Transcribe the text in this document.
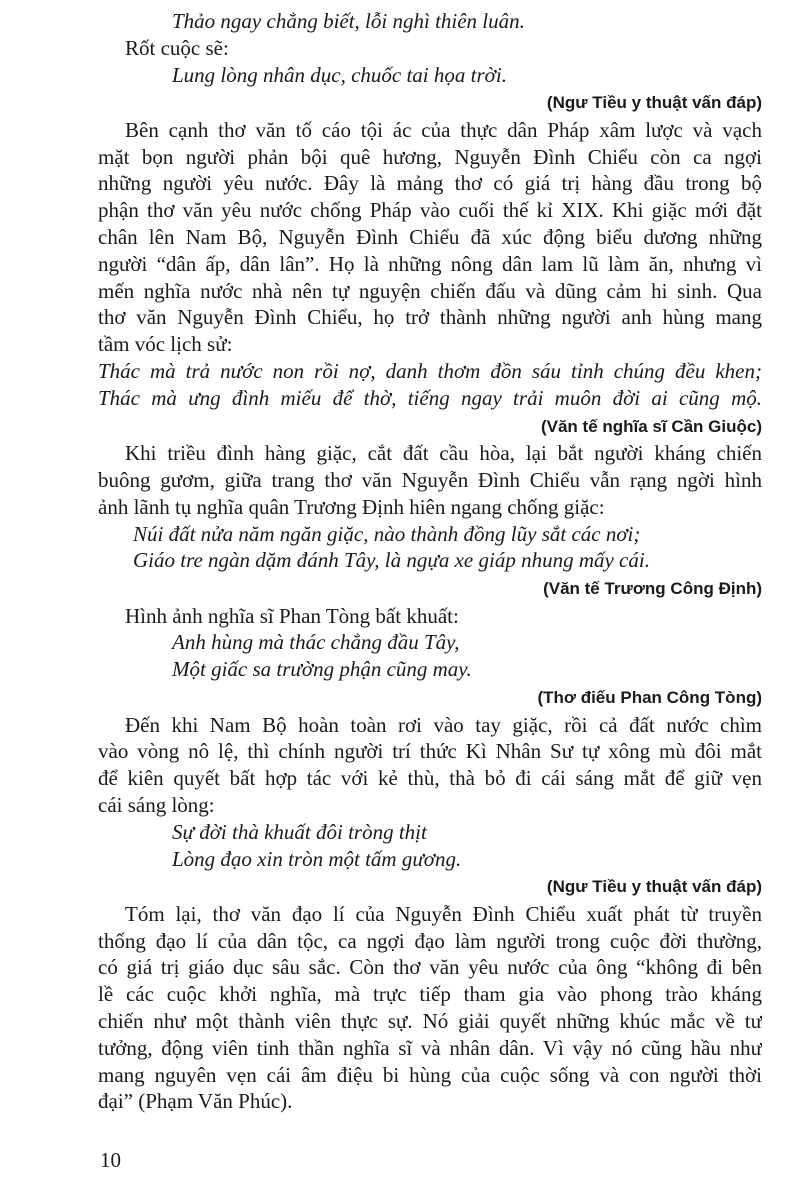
Thảo ngay chẳng biết, lỗi nghì thiên luân.
Rốt cuộc sẽ:
Lung lòng nhân dục, chuốc tai họa trời.
(Ngư Tiều y thuật vấn đáp)
Bên cạnh thơ văn tố cáo tội ác của thực dân Pháp xâm lược và vạch
mặt bọn người phản bội quê hương, Nguyễn Đình Chiểu còn ca ngợi
những người yêu nước. Đây là mảng thơ có giá trị hàng đầu trong bộ
phận thơ văn yêu nước chống Pháp vào cuối thế kỉ XIX. Khi giặc mới đặt
chân lên Nam Bộ, Nguyễn Đình Chiểu đã xúc động biểu dương những
người “dân ấp, dân lân”. Họ là những nông dân lam lũ làm ăn, nhưng vì
mến nghĩa nước nhà nên tự nguyện chiến đấu và dũng cảm hi sinh. Qua
thơ văn Nguyễn Đình Chiểu, họ trở thành những người anh hùng mang
tầm vóc lịch sử:
Thác mà trả nước non rồi nợ, danh thơm đồn sáu tỉnh chúng đều khen;
Thác mà ưng đình miếu để thờ, tiếng ngay trải muôn đời ai cũng mộ.
(Văn tế nghĩa sĩ Cần Giuộc)
Khi triều đình hàng giặc, cắt đất cầu hòa, lại bắt người kháng chiến
buông gươm, giữa trang thơ văn Nguyễn Đình Chiểu vẫn rạng ngời hình
ảnh lãnh tụ nghĩa quân Trương Định hiên ngang chống giặc:
Núi đất nửa năm ngăn giặc, nào thành đồng lũy sắt các nơi;
Giáo tre ngàn dặm đánh Tây, là ngựa xe giáp nhung mấy cái.
(Văn tế Trương Công Định)
Hình ảnh nghĩa sĩ Phan Tòng bất khuất:
Anh hùng mà thác chẳng đầu Tây,
Một giấc sa trường phận cũng may.
(Thơ điếu Phan Công Tòng)
Đến khi Nam Bộ hoàn toàn rơi vào tay giặc, rồi cả đất nước chìm
vào vòng nô lệ, thì chính người trí thức Kì Nhân Sư tự xông mù đôi mắt
để kiên quyết bất hợp tác với kẻ thù, thà bỏ đi cái sáng mắt để giữ vẹn
cái sáng lòng:
Sự đời thà khuất đôi tròng thịt
Lòng đạo xin tròn một tấm gương.
(Ngư Tiều y thuật vấn đáp)
Tóm lại, thơ văn đạo lí của Nguyễn Đình Chiểu xuất phát từ truyền
thống đạo lí của dân tộc, ca ngợi đạo làm người trong cuộc đời thường,
có giá trị giáo dục sâu sắc. Còn thơ văn yêu nước của ông “không đi bên
lề các cuộc khởi nghĩa, mà trực tiếp tham gia vào phong trào kháng
chiến như một thành viên thực sự. Nó giải quyết những khúc mắc về tư
tưởng, động viên tinh thần nghĩa sĩ và nhân dân. Vì vậy nó cũng hầu như
mang nguyên vẹn cái âm điệu bi hùng của cuộc sống và con người thời
đại” (Phạm Văn Phúc).
10
